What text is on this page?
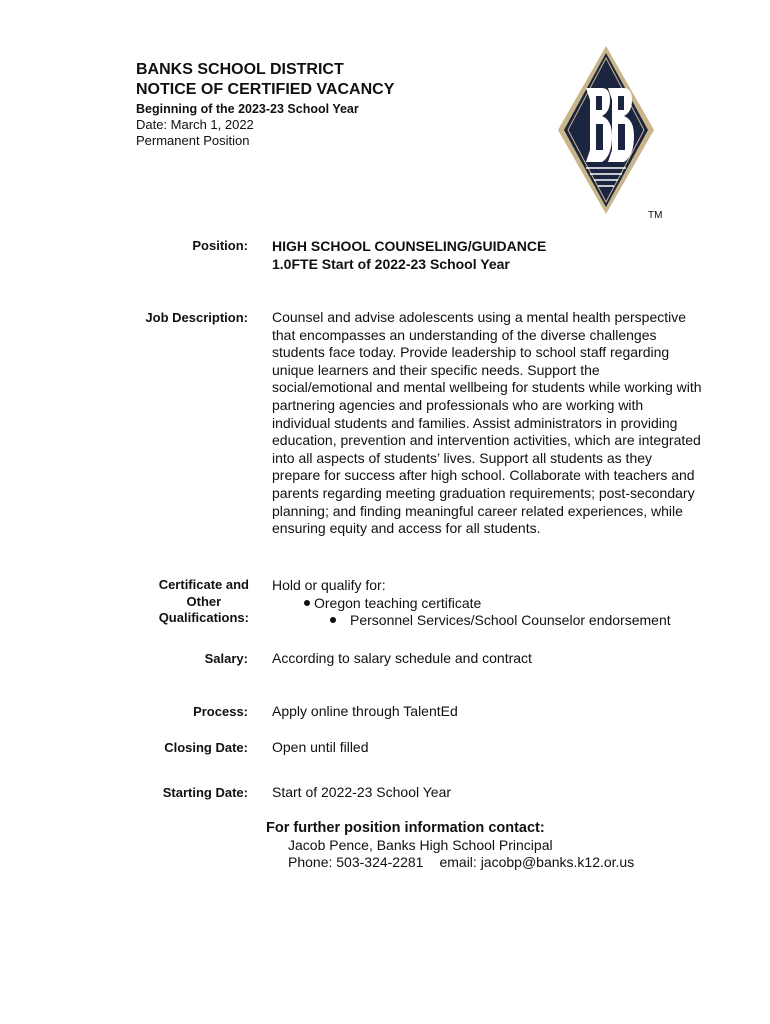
BANKS SCHOOL DISTRICT
NOTICE OF CERTIFIED VACANCY
Beginning of the 2023-23 School Year
Date: March 1, 2022
Permanent Position
TM
Position: HIGH SCHOOL COUNSELING/GUIDANCE
1.0FTE Start of 2022-23 School Year
Job Description: Counsel and advise adolescents using a mental health perspective
that encompasses an understanding of the diverse challenges
students face today. Provide leadership to school staff regarding
unique learners and their specific needs. Support the
social/emotional and mental wellbeing for students while working with
partnering agencies and professionals who are working with
individual students and families. Assist administrators in providing
education, prevention and intervention activities, which are integrated
into all aspects of students’ lives. Support all students as they
prepare for success after high school. Collaborate with teachers and
parents regarding meeting graduation requirements; post-secondary
planning; and finding meaningful career related experiences, while
ensuring equity and access for all students.
Certificate and
Other
Qualifications:
Hold or qualify for:
Oregon teaching certificate
Personnel Services/School Counselor endorsement
Salary: According to salary schedule and contract
Process: Apply online through TalentEd
Closing Date: Open until filled
Starting Date: Start of 2022-23 School Year
For further position information contact:
Jacob Pence, Banks High School Principal
Phone: 503-324-2281 email: jacobp@banks.k12.or.us
